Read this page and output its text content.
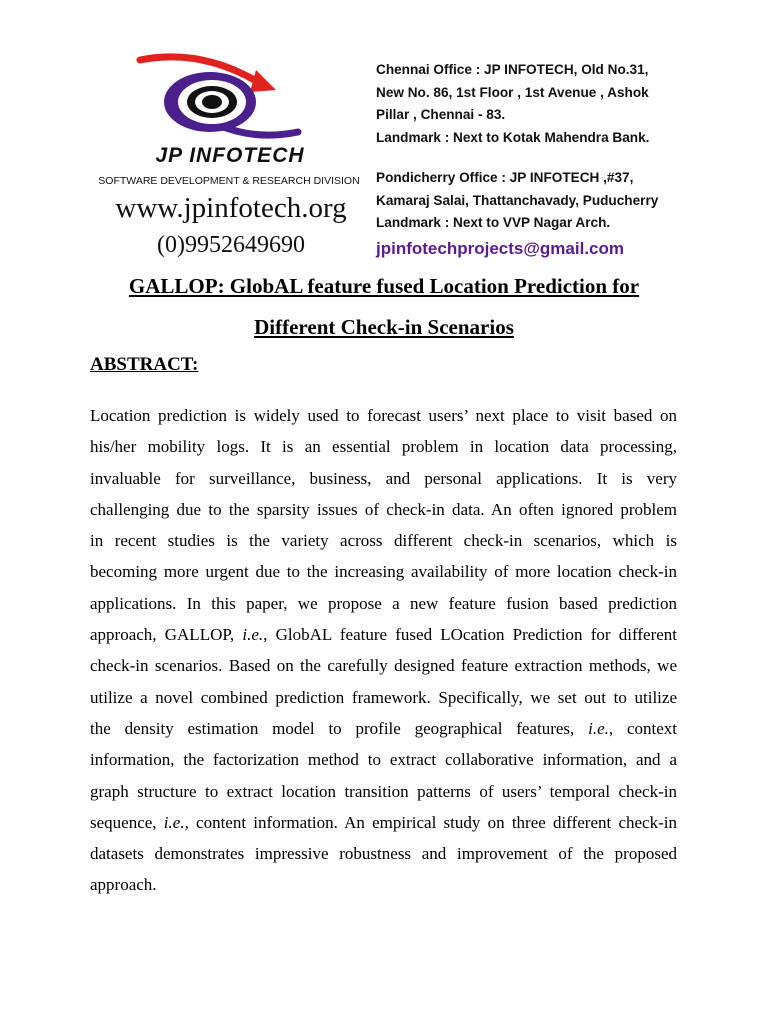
JP INFOTECH
SOFTWARE DEVELOPMENT & RESEARCH DIVISION
www.jpinfotech.org
(0)9952649690
Chennai Office : JP INFOTECH, Old No.31,
New No. 86, 1st Floor , 1st Avenue , Ashok
Pillar , Chennai - 83.
Landmark : Next to Kotak Mahendra Bank.
Pondicherry Office : JP INFOTECH ,#37,
Kamaraj Salai, Thattanchavady, Puducherry
Landmark : Next to VVP Nagar Arch.
jpinfotechprojects@gmail.com
GALLOP: GlobAL feature fused Location Prediction for
Different Check-in Scenarios
ABSTRACT:
Location prediction is widely used to forecast users’ next place to visit based on
his/her mobility logs. It is an essential problem in location data processing,
invaluable for surveillance, business, and personal applications. It is very
challenging due to the sparsity issues of check-in data. An often ignored problem
in recent studies is the variety across different check-in scenarios, which is
becoming more urgent due to the increasing availability of more location check-in
applications. In this paper, we propose a new feature fusion based prediction
approach, GALLOP, i.e., GlobAL feature fused LOcation Prediction for different
check-in scenarios. Based on the carefully designed feature extraction methods, we
utilize a novel combined prediction framework. Specifically, we set out to utilize
the density estimation model to profile geographical features, i.e., context
information, the factorization method to extract collaborative information, and a
graph structure to extract location transition patterns of users’ temporal check-in
sequence, i.e., content information. An empirical study on three different check-in
datasets demonstrates impressive robustness and improvement of the proposed
approach.
